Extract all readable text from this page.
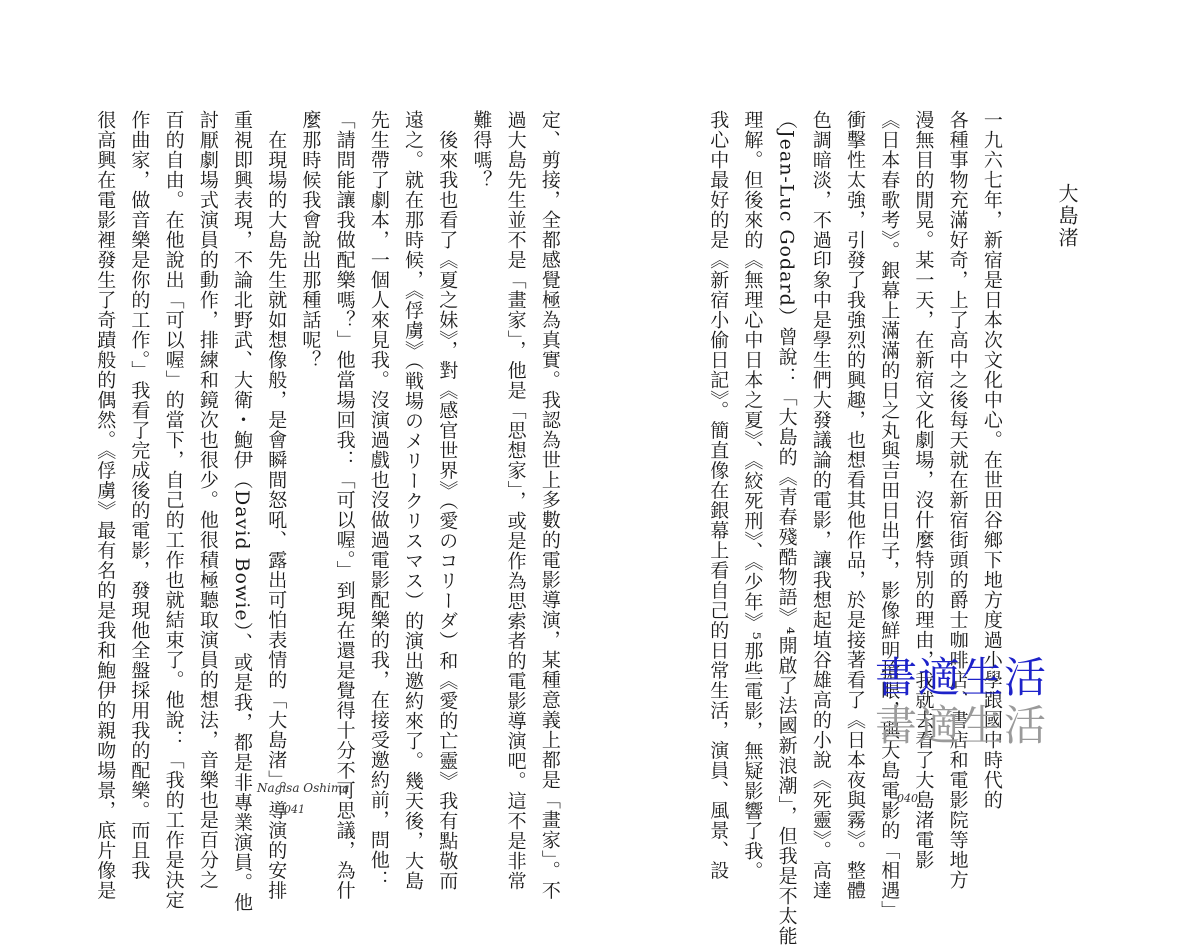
定、剪接，全都感覺極為真實。我認為世上多數的電影導演，某種意義上都是「畫家」。不
過大島先生並不是「畫家」，他是「思想家」，或是作為思索者的電影導演吧。這不是非常
難得嗎？
　後來我也看了《夏之妹》，對《感官世界》（愛のコリーダ）和《愛的亡靈》我有點敬而
遠之。就在那時候，《俘虜》（戦場のメリークリスマス）的演出邀約來了。幾天後，大島
先生帶了劇本，一個人來見我。沒演過戲也沒做過電影配樂的我，在接受邀約前，問他：
「請問能讓我做配樂嗎？」他當場回我：「可以喔。」到現在還是覺得十分不可思議，為什
麼那時候我會說出那種話呢？
　在現場的大島先生就如想像般，是會瞬間怒吼、露出可怕表情的「大島渚」。導演的安排
重視即興表現，不論北野武、大衛・鮑伊（David Bowie）、或是我，都是非專業演員。他
討厭劇場式演員的動作，排練和鏡次也很少。他很積極聽取演員的想法，音樂也是百分之
百的自由。在他說出「可以喔」的當下，自己的工作也就結束了。他說：「我的工作是決定
作曲家，做音樂是你的工作。」我看了完成後的電影，發現他全盤採用我的配樂。而且我
很高興在電影裡發生了奇蹟般的偶然。《俘虜》最有名的是我和鮑伊的親吻場景，底片像是	Nagisa Oshima
041
大島渚
一九六七年，新宿是日本次文化中心。在世田谷鄉下地方度過小學跟國中時代的
各種事物充滿好奇，上了高中之後每天就在新宿街頭的爵士咖啡店、書店和電影院等地方
漫無目的閒晃。某一天，在新宿文化劇場，沒什麼特別的理由，我就去看了大島渚電影
《日本春歌考》。銀幕上滿滿的日之丸與吉田日出子，影像鮮明搶眼，與大島電影的「相遇」
衝擊性太強，引發了我強烈的興趣，也想看其他作品，於是接著看了《日本夜與霧》。整體
色調暗淡，不過印象中是學生們大發議論的電影，讓我想起埴谷雄高的小說《死靈》。高達
（Jean-Luc Godard）曾說：「大島的《青春殘酷物語》⁴開啟了法國新浪潮」，但我是不太能
理解。但後來的《無理心中日本之夏》、《絞死刑》、《少年》⁵那些電影，無疑影響了我。
我心中最好的是《新宿小偷日記》。簡直像在銀幕上看自己的日常生活，演員、風景、設	040
書適生活
書適生活
